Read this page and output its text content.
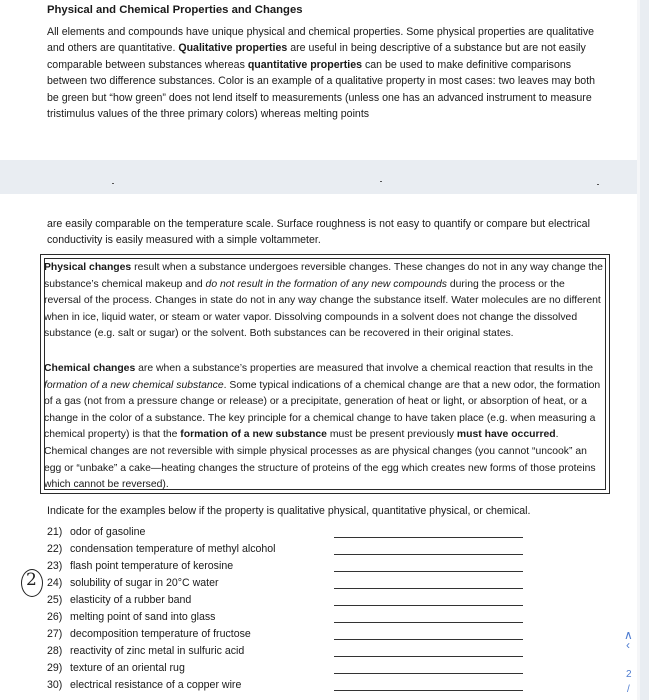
Physical and Chemical Properties and Changes

All elements and compounds have unique physical and chemical properties. Some physical properties are qualitative and others are quantitative. Qualitative properties are useful in being descriptive of a substance but are not easily comparable between substances whereas quantitative properties can be used to make definitive comparisons between two difference substances. Color is an example of a qualitative property in most cases: two leaves may both be green but “how green” does not lend itself to measurements (unless one has an advanced instrument to measure tristimulus values of the three primary colors) whereas melting points

are easily comparable on the temperature scale. Surface roughness is not easy to quantify or compare but electrical conductivity is easily measured with a simple voltammeter.

Physical changes result when a substance undergoes reversible changes. These changes do not in any way change the substance’s chemical makeup and do not result in the formation of any new compounds during the process or the reversal of the process. Changes in state do not in any way change the substance itself. Water molecules are no different when in ice, liquid water, or steam or water vapor. Dissolving compounds in a solvent does not change the dissolved substance (e.g. salt or sugar) or the solvent. Both substances can be recovered in their original states.

Chemical changes are when a substance’s properties are measured that involve a chemical reaction that results in the formation of a new chemical substance. Some typical indications of a chemical change are that a new odor, the formation of a gas (not from a pressure change or release) or a precipitate, generation of heat or light, or absorption of heat, or a change in the color of a substance. The key principle for a chemical change to have taken place (e.g. when measuring a chemical property) is that the formation of a new substance must be present previously must have occurred. Chemical changes are not reversible with simple physical processes as are physical changes (you cannot “uncook” an egg or “unbake” a cake—heating changes the structure of proteins of the egg which creates new forms of those proteins which cannot be reversed).

Indicate for the examples below if the property is qualitative physical, quantitative physical, or chemical.
21) odor of gasoline
22) condensation temperature of methyl alcohol
23) flash point temperature of kerosine
24) solubility of sugar in 20°C water
25) elasticity of a rubber band
26) melting point of sand into glass
27) decomposition temperature of fructose
28) reactivity of zinc metal in sulfuric acid
29) texture of an oriental rug
30) electrical resistance of a copper wire
2
∧
‹
2
/
